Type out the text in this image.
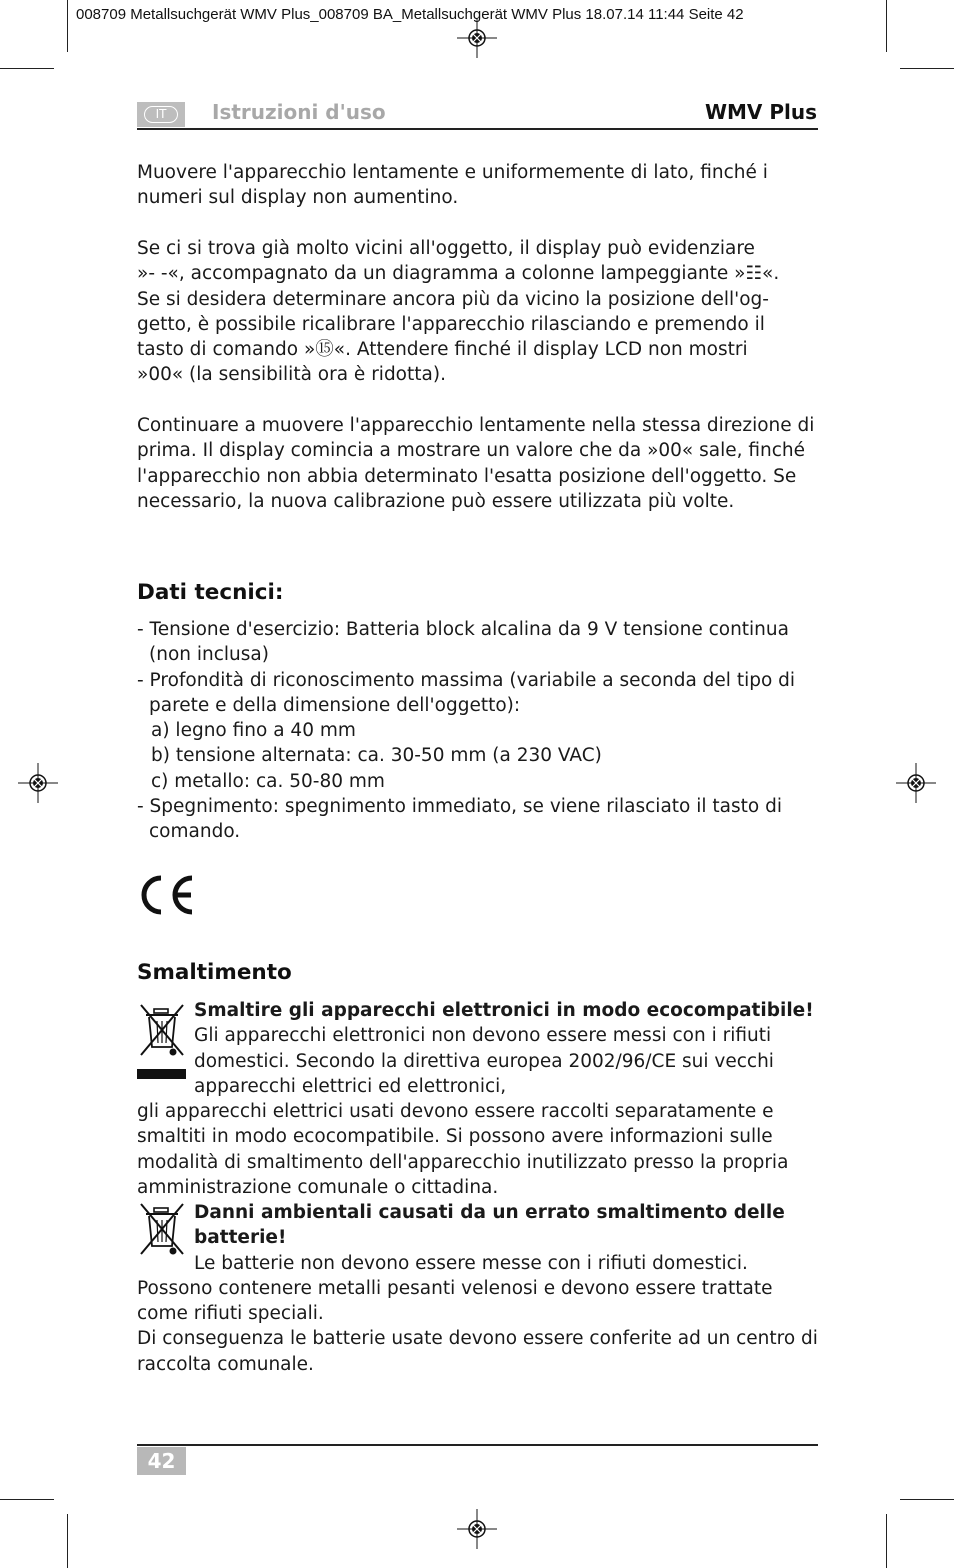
008709 Metallsuchgerät WMV Plus_008709 BA_Metallsuchgerät WMV Plus 18.07.14 11:44 Seite 42
IT	Istruzioni d'uso	WMV Plus
Muovere l'apparecchio lentamente e uniformemente di lato, finché i numeri sul display non aumentino.
Se ci si trova già molto vicini all'oggetto, il display può evidenziare
»- -«, accompagnato da un diagramma a colonne lampeggiante »☷«.
Se si desidera determinare ancora più da vicino la posizione dell'og-
getto, è possibile ricalibrare l'apparecchio rilasciando e premendo il
tasto di comando »⑮«. Attendere finché il display LCD non mostri
»00« (la sensibilità ora è ridotta).
Continuare a muovere l'apparecchio lentamente nella stessa direzione di prima. Il display comincia a mostrare un valore che da »00« sale, finché l'apparecchio non abbia determinato l'esatta posizione dell'oggetto. Se necessario, la nuova calibrazione può essere utilizzata più volte.
Dati tecnici:
- Tensione d'esercizio: Batteria block alcalina da 9 V tensione continua (non inclusa)
- Profondità di riconoscimento massima (variabile a seconda del tipo di parete e della dimensione dell'oggetto):
a) legno fino a 40 mm
b) tensione alternata: ca. 30-50 mm (a 230 VAC)
c) metallo: ca. 50-80 mm
- Spegnimento: spegnimento immediato, se viene rilasciato il tasto di comando.
Smaltimento
Smaltire gli apparecchi elettronici in modo ecocompatibile!
Gli apparecchi elettronici non devono essere messi con i rifiuti domestici. Secondo la direttiva europea 2002/96/CE sui vecchi apparecchi elettrici ed elettronici,
gli apparecchi elettrici usati devono essere raccolti separatamente e smaltiti in modo ecocompatibile. Si possono avere informazioni sulle modalità di smaltimento dell'apparecchio inutilizzato presso la propria amministrazione comunale o cittadina.
Danni ambientali causati da un errato smaltimento delle batterie!
Le batterie non devono essere messe con i rifiuti domestici.
Possono contenere metalli pesanti velenosi e devono essere trattate come rifiuti speciali.
Di conseguenza le batterie usate devono essere conferite ad un centro di raccolta comunale.
42
